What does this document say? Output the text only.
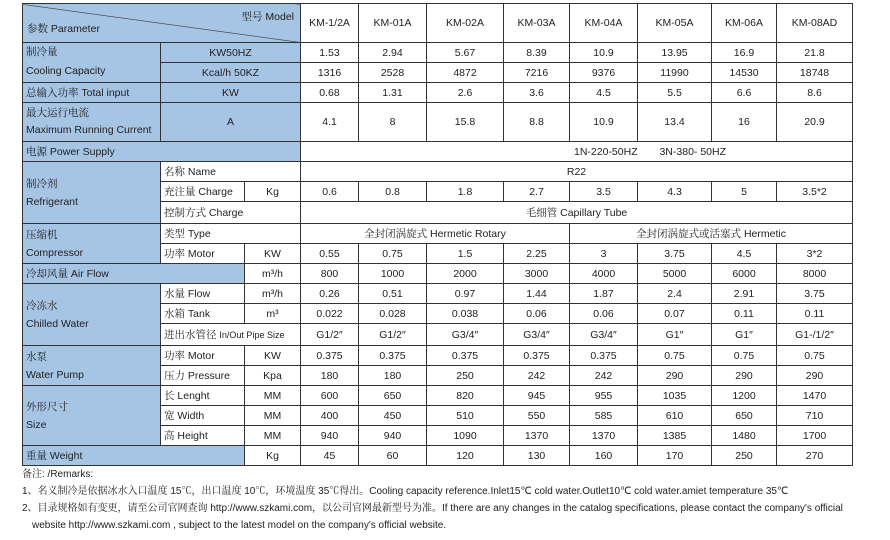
型号 Model
参数 Parameter			KM-1/2A	KM-01A	KM-02A	KM-03A	KM-04A	KM-05A	KM-06A	KM-08AD

制冷量
Cooling Capacity	KW50HZ		1.53	2.94	5.67	8.39	10.9	13.95	16.9	21.8
	Kcal/h 50KZ		1316	2528	4872	7216	9376	11990	14530	18748
总输入功率 Total input	KW		0.68	1.31	2.6	3.6	4.5	5.5	6.6	8.6

最大运行电流
Maximum Running Current	A		4.1	8	15.8	8.8	10.9	13.4	16	20.9
电源 Power Supply			1N-220-50HZ 3N-380- 50HZ							

制冷剂
Refrigerant	名称 Name		R22							
	充注量 Charge	Kg	0.6	0.8	1.8	2.7	3.5	4.3	5	3.5*2
	控制方式 Charge		毛细管 Capillary Tube							

压缩机
Compressor	类型 Type		全封闭涡旋式 Hermetic Rotary				全封闭涡旋式或活塞式 Hermetic			
	功率 Motor	KW	0.55	0.75	1.5	2.25	3	3.75	4.5	3*2
冷却风量 Air Flow		m³/h	800	1000	2000	3000	4000	5000	6000	8000

冷冻水
Chilled Water	水量 Flow	m³/h	0.26	0.51	0.97	1.44	1.87	2.4	2.91	3.75
	水箱 Tank	m³	0.022	0.028	0.038	0.06	0.06	0.07	0.11	0.11
	进出水管径 In/Out Pipe Size		G1/2″	G1/2″	G3/4″	G3/4″	G3/4″	G1″	G1″	G1-/1/2″

水泵
Water Pump	功率 Motor	KW	0.375	0.375	0.375	0.375	0.375	0.75	0.75	0.75
	压力 Pressure	Kpa	180	180	250	242	242	290	290	290

外形尺寸
Size	长 Lenght	MM	600	650	820	945	955	1035	1200	1470
	宽 Width	MM	400	450	510	550	585	610	650	710
	高 Height	MM	940	940	1090	1370	1370	1385	1480	1700
重量 Weight		Kg	45	60	120	130	160	170	250	270
备注: /Remarks:
1、名义制冷是依据冰水入口温度 15℃，出口温度 10℃，环境温度 35℃得出。Cooling capacity reference.Inlet15℃ cold water.Outlet10℃ cold water.amiet temperature 35℃
2、目录规格如有变更，请至公司官网查询 http://www.szkami.com，以公司官网最新型号为准。If there are any changes in the catalog specifications, please contact the company's official
website http://www.szkami.com , subject to the latest model on the company's official website.
